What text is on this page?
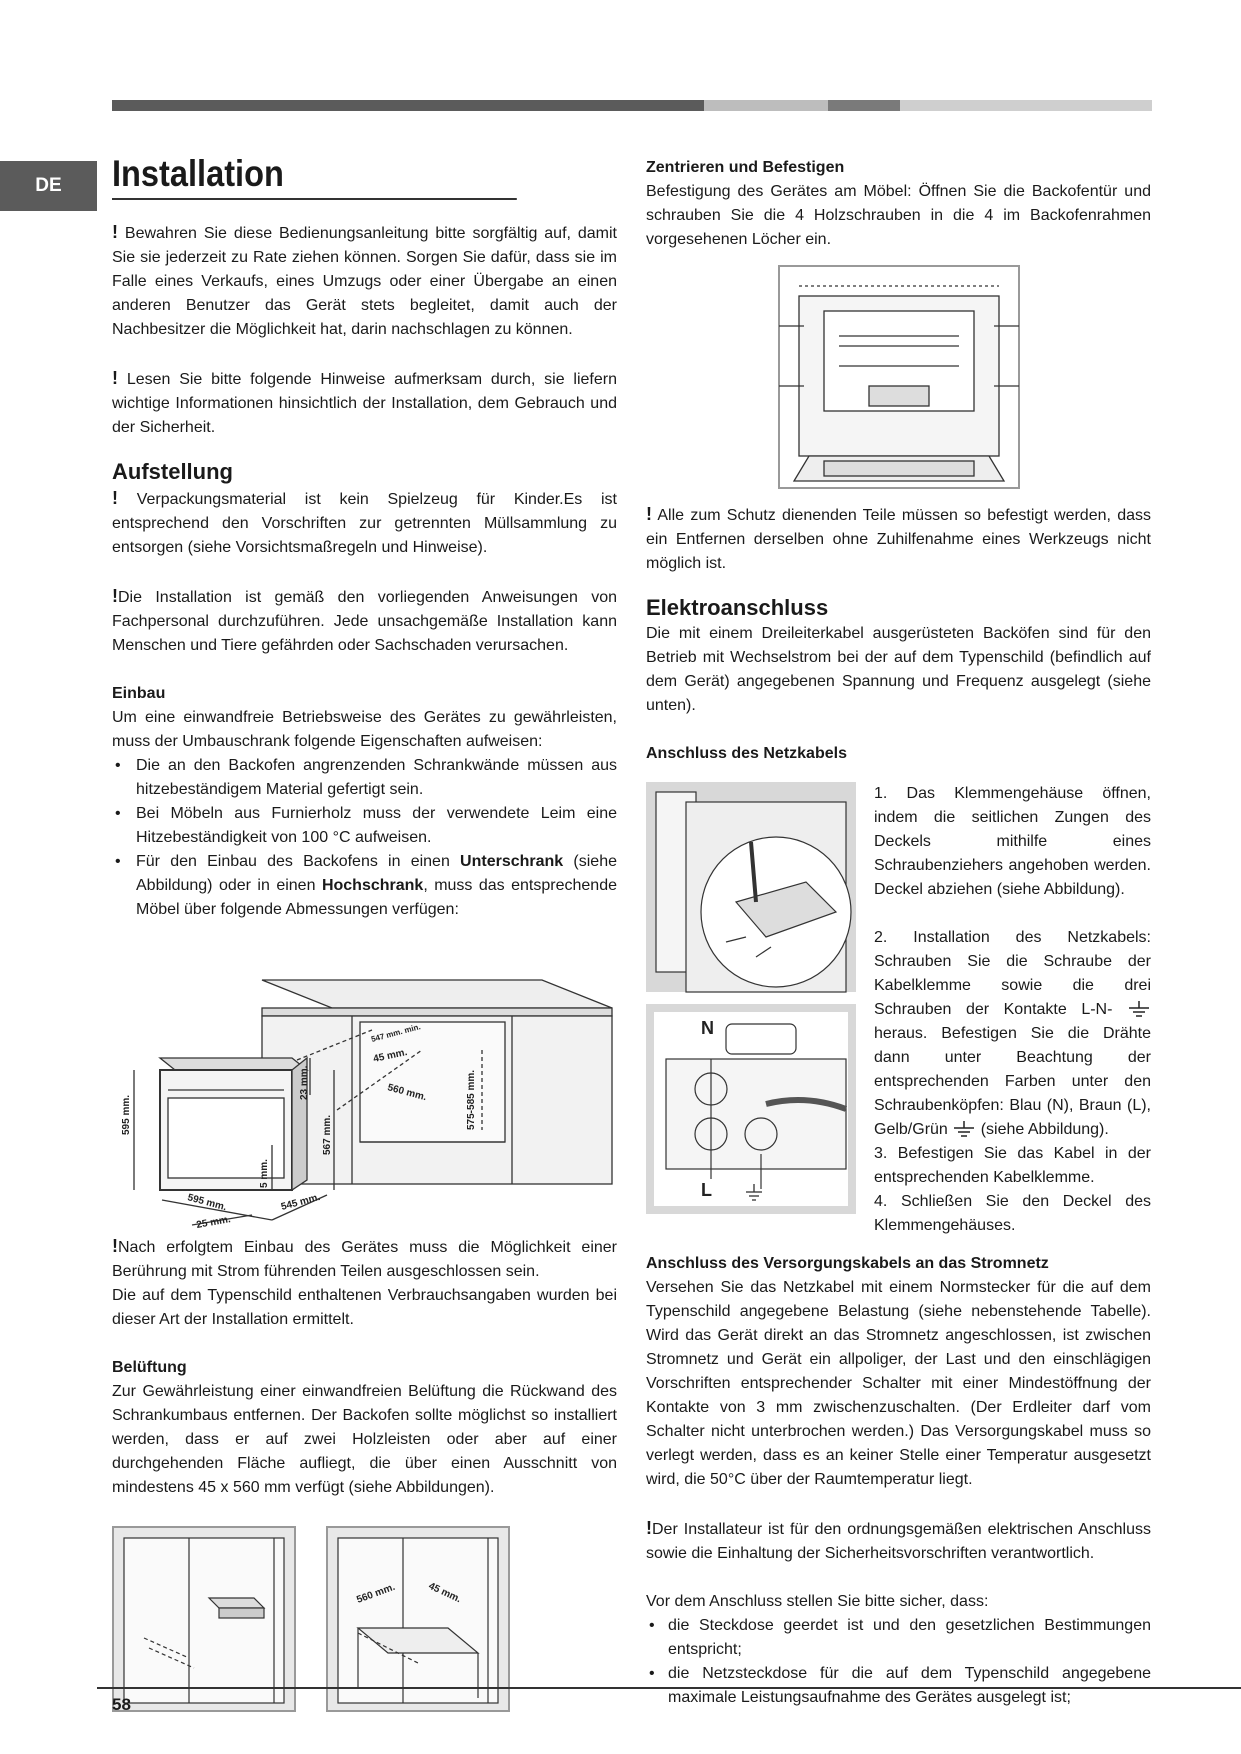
DE	Installation

! Bewahren Sie diese Bedienungsanleitung bitte sorgfältig auf, damit Sie sie jederzeit zu Rate ziehen können. Sorgen Sie dafür, dass sie im Falle eines Verkaufs, eines Umzugs oder einer Übergabe an einen anderen Benutzer das Gerät stets begleitet, damit auch der Nachbesitzer die Möglichkeit hat, darin nachschlagen zu können.

! Lesen Sie bitte folgende Hinweise aufmerksam durch, sie liefern wichtige Informationen hinsichtlich der Installation, dem Gebrauch und der Sicherheit.

Aufstellung

! Verpackungsmaterial ist kein Spielzeug für Kinder.Es ist entsprechend den Vorschriften zur getrennten Müllsammlung zu entsorgen (siehe Vorsichtsmaßregeln und Hinweise).

!Die Installation ist gemäß den vorliegenden Anweisungen von Fachpersonal durchzuführen. Jede unsachgemäße Installation kann Menschen und Tiere gefährden oder Sachschaden verursachen.

Einbau

Um eine einwandfreie Betriebsweise des Gerätes zu gewährleisten, muss der Umbauschrank folgende Eigenschaften aufweisen:

• Die an den Backofen angrenzenden Schrankwände müssen aus hitzebeständigem Material gefertigt sein.
• Bei Möbeln aus Furnierholz muss der verwendete Leim eine Hitzebeständigkeit von 100 °C aufweisen.
• Für den Einbau des Backofens in einen Unterschrank (siehe Abbildung) oder in einen Hochschrank, muss das entsprechende Möbel über folgende Abmessungen verfügen:
595 mm.
23 mm.
567 mm.
5 mm.
595 mm.	545 mm.
25 mm.
547 mm. min.
45 mm.
560 mm.	575-585 mm.

!Nach erfolgtem Einbau des Gerätes muss die Möglichkeit einer Berührung mit Strom führenden Teilen ausgeschlossen sein.

Die auf dem Typenschild enthaltenen Verbrauchsangaben wurden bei dieser Art der Installation ermittelt.

Belüftung

Zur Gewährleistung einer einwandfreien Belüftung die Rückwand des Schrankumbaus entfernen. Der Backofen sollte möglichst so installiert werden, dass er auf zwei Holzleisten oder aber auf einer durchgehenden Fläche aufliegt, die über einen Ausschnitt von mindestens 45 x 560 mm verfügt (siehe Abbildungen).

560 mm.	45 mm.
Zentrieren und Befestigen

Befestigung des Gerätes am Möbel: Öffnen Sie die Backofentür und schrauben Sie die 4 Holzschrauben in die 4 im Backofenrahmen vorgesehenen Löcher ein.

! Alle zum Schutz dienenden Teile müssen so befestigt werden, dass ein Entfernen derselben ohne Zuhilfenahme eines Werkzeugs nicht möglich ist.

Elektroanschluss

Die mit einem Dreileiterkabel ausgerüsteten Backöfen sind für den Betrieb mit Wechselstrom bei der auf dem Typenschild (befindlich auf dem Gerät) angegebenen Spannung und Frequenz ausgelegt (siehe unten).

Anschluss des Netzkabels
N
L

1. Das Klemmengehäuse öffnen, indem die seitlichen Zungen des Deckels mithilfe eines Schraubenziehers angehoben werden. Deckel abziehen (siehe Abbildung).

2. Installation des Netzkabels: Schrauben Sie die Schraube der Kabelklemme sowie die drei Schrauben der Kontakte L-N- heraus. Befestigen Sie die Drähte dann unter Beachtung der entsprechenden Farben unter den Schraubenköpfen: Blau (N), Braun (L), Gelb/Grün (siehe Abbildung).

3. Befestigen Sie das Kabel in der entsprechenden Kabelklemme.

4. Schließen Sie den Deckel des Klemmengehäuses.

Anschluss des Versorgungskabels an das Stromnetz

Versehen Sie das Netzkabel mit einem Normstecker für die auf dem Typenschild angegebene Belastung (siehe nebenstehende Tabelle). Wird das Gerät direkt an das Stromnetz angeschlossen, ist zwischen Stromnetz und Gerät ein allpoliger, der Last und den einschlägigen Vorschriften entsprechender Schalter mit einer Mindestöffnung der Kontakte von 3 mm zwischenzuschalten. (Der Erdleiter darf vom Schalter nicht unterbrochen werden.) Das Versorgungskabel muss so verlegt werden, dass es an keiner Stelle einer Temperatur ausgesetzt wird, die 50°C über der Raumtemperatur liegt.

!Der Installateur ist für den ordnungsgemäßen elektrischen Anschluss sowie die Einhaltung der Sicherheitsvorschriften verantwortlich.

Vor dem Anschluss stellen Sie bitte sicher, dass:

• die Steckdose geerdet ist und den gesetzlichen Bestimmungen entspricht;
• die Netzsteckdose für die auf dem Typenschild angegebene maximale Leistungsaufnahme des Gerätes ausgelegt ist;
58
